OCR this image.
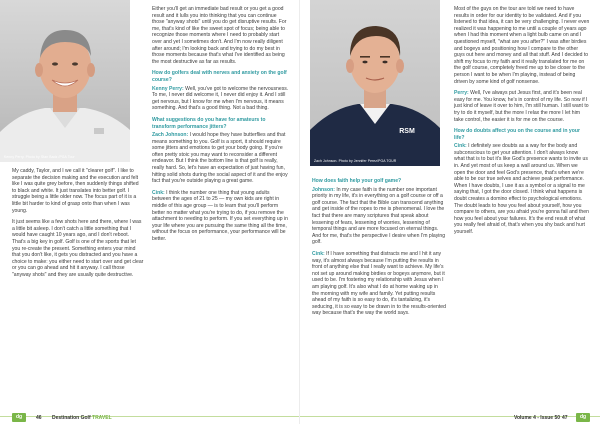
Kenny Perry. Photo by Stan Badz /PGA Tour

My caddy, Taylor, and I we call it "clearer golf". I like to separate the decision making and the execution and felt like I was quite grey before, then suddenly things shifted to black and white. It just translates into better golf. I struggle being a little older now. The focus part of it is a little bit harder to kind of grasp onto than when I was young.

It just seems like a few shots here and there, where I was a little bit asleep. I don't catch a little something that I would have caught 10 years ago, and I don't reboot. That's a big key in golf. Golf is one of the sports that let you re-create the present. Something enters your mind that you don't like, it gets you distracted and you have a choice to make: you either need to start over and get clear or you can go ahead and hit it anyway. I call those "anyway shots" and they are usually quite destructive.

Either you'll get an immediate bad result or you get a good result and it lulls you into thinking that you can continue those "anyway shots" until you do get disruptive results. For me, that's kind of like the sweet spot of focus; being able to recognize those moments where I need to probably start over and yet I sometimes don't. And I'm now really diligent after around; I'm looking back and trying to do my best in those moments because that's what I've identified as being the most destructive as far as results.

How do golfers deal with nerves and anxiety on the golf course?

Kenny Perry: Well, you've got to welcome the nervousness. To me, I never did welcome it, I never did enjoy it. And I still get nervous, but I know for me when I'm nervous, it means something. And that's a good thing. Not a bad thing.

What suggestions do you have for amateurs to transform performance jitters?

Zach Johnson: I would hope they have butterflies and that means something to you. Golf is a sport, it should require some jitters and emotions to get your body going. If you're often pretty stoic you may want to reconsider a different endeavor. But I think the bottom line is that golf is really, really hard. So, let's have an expectation of just having fun, hitting solid shots during the social aspect of it and the enjoy fact that you're outside playing a great game.

Cink: I think the number one thing that young adults between the ages of 21 to 25 — my own kids are right in middle of this age group — is to learn that you'll perform better no matter what you're trying to do, if you remove the attachment to needing to perform. If you set everything up in your life where you are pursuing the same thing all the time, without the focus on performance, your performance will be better.

dg	46 Destination Golf TRAVEL
RSM
Zach Johnson. Photo by Jennifer Perez/PGA TOUR

How does faith help your golf game?

Johnson: In my case faith is the number one important priority in my life, it's in everything on a golf course or off a golf course. The fact that the Bible can transcend anything and get inside of the ropes to me is phenomenal. I love the fact that there are many scriptures that speak about lessening of fears, lessening of worries, lessening of temporal things and are more focused on eternal things. And for me, that's the perspective I desire when I'm playing golf.

Cink: If I have something that distracts me and I hit it any way, it's almost always because I'm putting the results in front of anything else that I really want to achieve. My life's not set up around making birdies or bogeys anymore, but it used to be. I'm fostering my relationship with Jesus when I am playing golf. It's also what I do at home waking up in the morning with my wife and family. Yet putting results ahead of my faith is so easy to do, it's tantalizing, it's seducing, it is so easy to be drawn in to the results-oriented way because that's the way the world says.

Most of the guys on the tour are told we need to have results in order for our identity to be validated. And if you listened to that idea, it can be very challenging. I never even realized it was happening to me until a couple of years ago when I had this moment when a light bulb came on and I questioned myself, "what are you after?" I was after birdies and bogeys and positioning how I compare to the other guys out here and money and all that stuff. And I decided to shift my focus to my faith and it really translated for me on the golf course, completely freed me up to be closer to the person I want to be when I'm playing, instead of being driven by some kind of golf nonsense.

Perry: Well, I've always put Jesus first, and it's been real easy for me. You know, he's in control of my life. So now if I just kind of leave it over to him, I'm still human. I still want to try to do it myself, but the more I relax the more I let him take control, the easier it is for me on the course.

How do doubts affect you on the course and in your life?

Cink: I definitely see doubts as a way for the body and subconscious to get your attention. I don't always know what that is to but it's like God's presence wants to invite us in. And yet most of us keep a wall around us. When we open the door and feel God's presence, that's when we're able to be our true selves and achieve peak performance. When I have doubts, I use it as a symbol or a signal to me saying that, I got the door closed. I think what happens is doubt creates a domino effect to psychological emotions. The doubt leads to how you feel about yourself, how you compare to others, are you afraid you're gonna fail and then how you feel about your failures. It's the end result of what you really feel afraid of, that's when you shy back and hurt yourself.

Volume 4 - Issue 50 47	dg
